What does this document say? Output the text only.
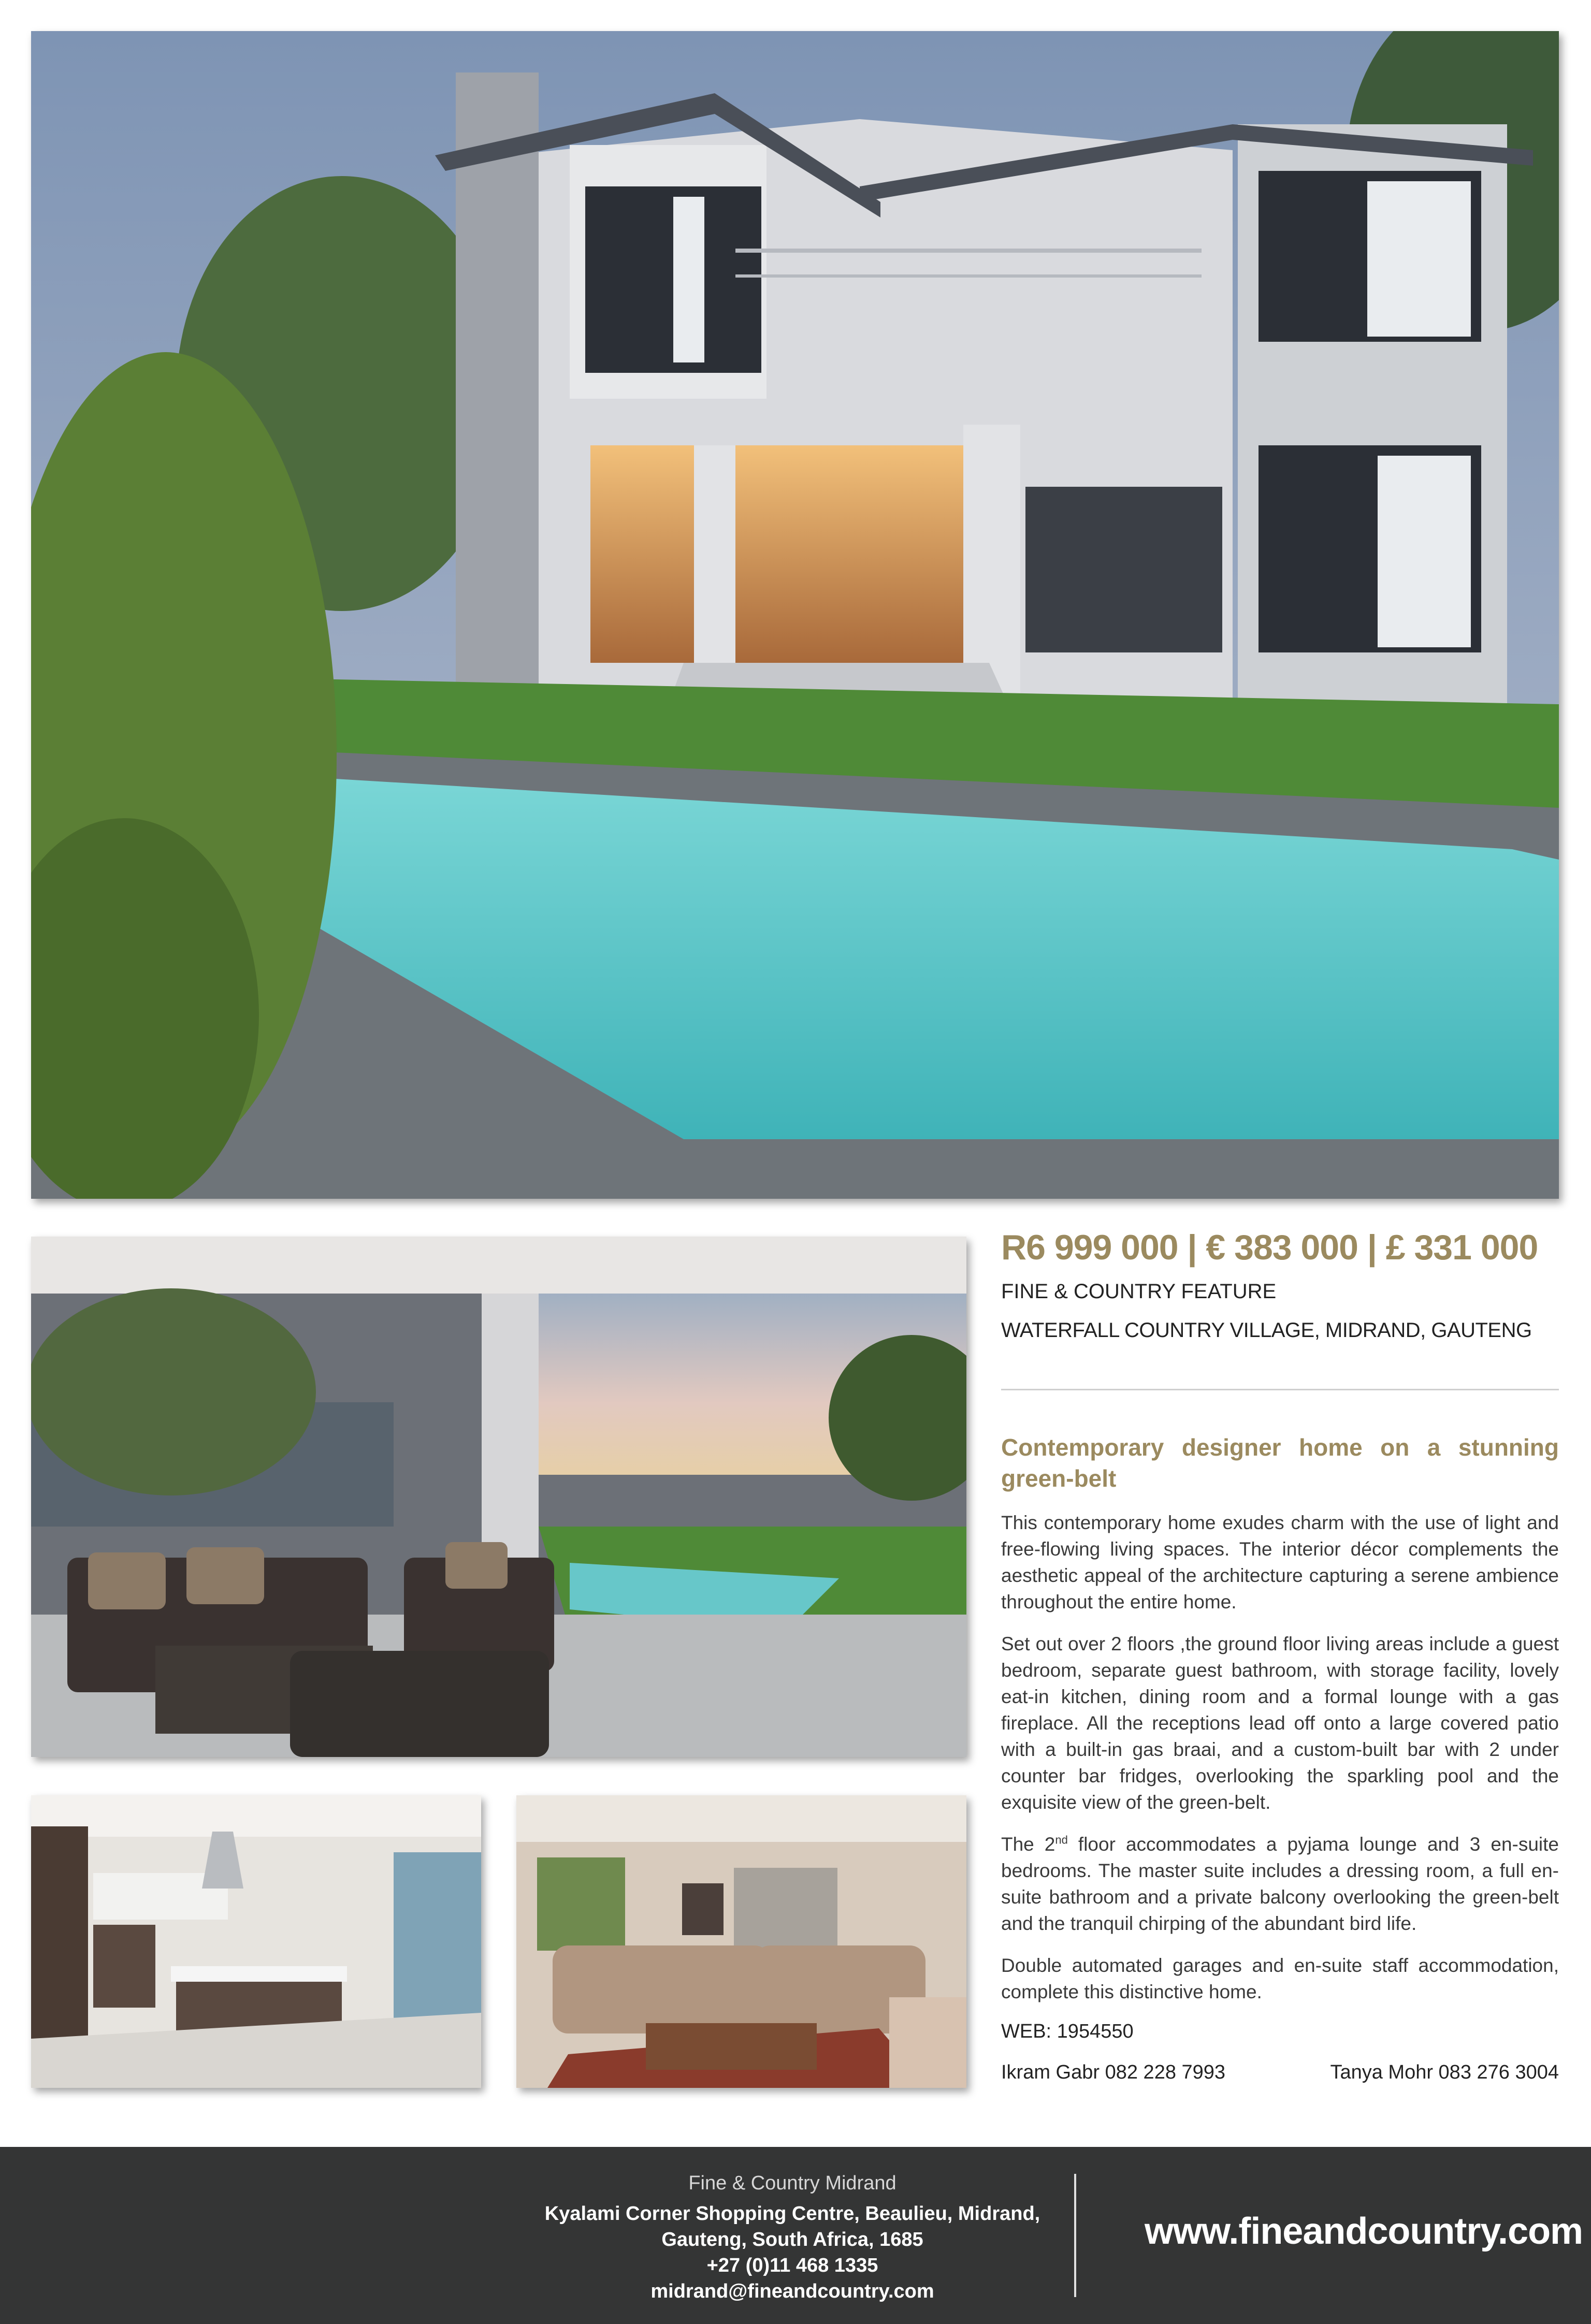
R6 999 000 | € 383 000 | £ 331 000
FINE & COUNTRY FEATURE
WATERFALL COUNTRY VILLAGE, MIDRAND, GAUTENG
Contemporary designer home on a stunning green-belt

This contemporary home exudes charm with the use of light and free-flowing living spaces. The interior décor complements the aesthetic appeal of the architecture capturing a serene ambience throughout the entire home.

Set out over 2 floors ,the ground floor living areas include a guest bedroom, separate guest bathroom, with storage facility, lovely eat-in kitchen, dining room and a formal lounge with a gas fireplace. All the receptions lead off onto a large covered patio with a built-in gas braai, and a custom-built bar with 2 under counter bar fridges, overlooking the sparkling pool and the exquisite view of the green-belt.

The 2nd floor accommodates a pyjama lounge and 3 en-suite bedrooms. The master suite includes a dressing room, a full en-suite bathroom and a private balcony overlooking the green-belt and the tranquil chirping of the abundant bird life.

Double automated garages and en-suite staff accommodation, complete this distinctive home.

WEB: 1954550
Ikram Gabr 082 228 7993	Tanya Mohr 083 276 3004
Fine & Country Midrand
Kyalami Corner Shopping Centre, Beaulieu, Midrand,
Gauteng, South Africa, 1685
+27 (0)11 468 1335
midrand@fineandcountry.com
www.fineandcountry.com
